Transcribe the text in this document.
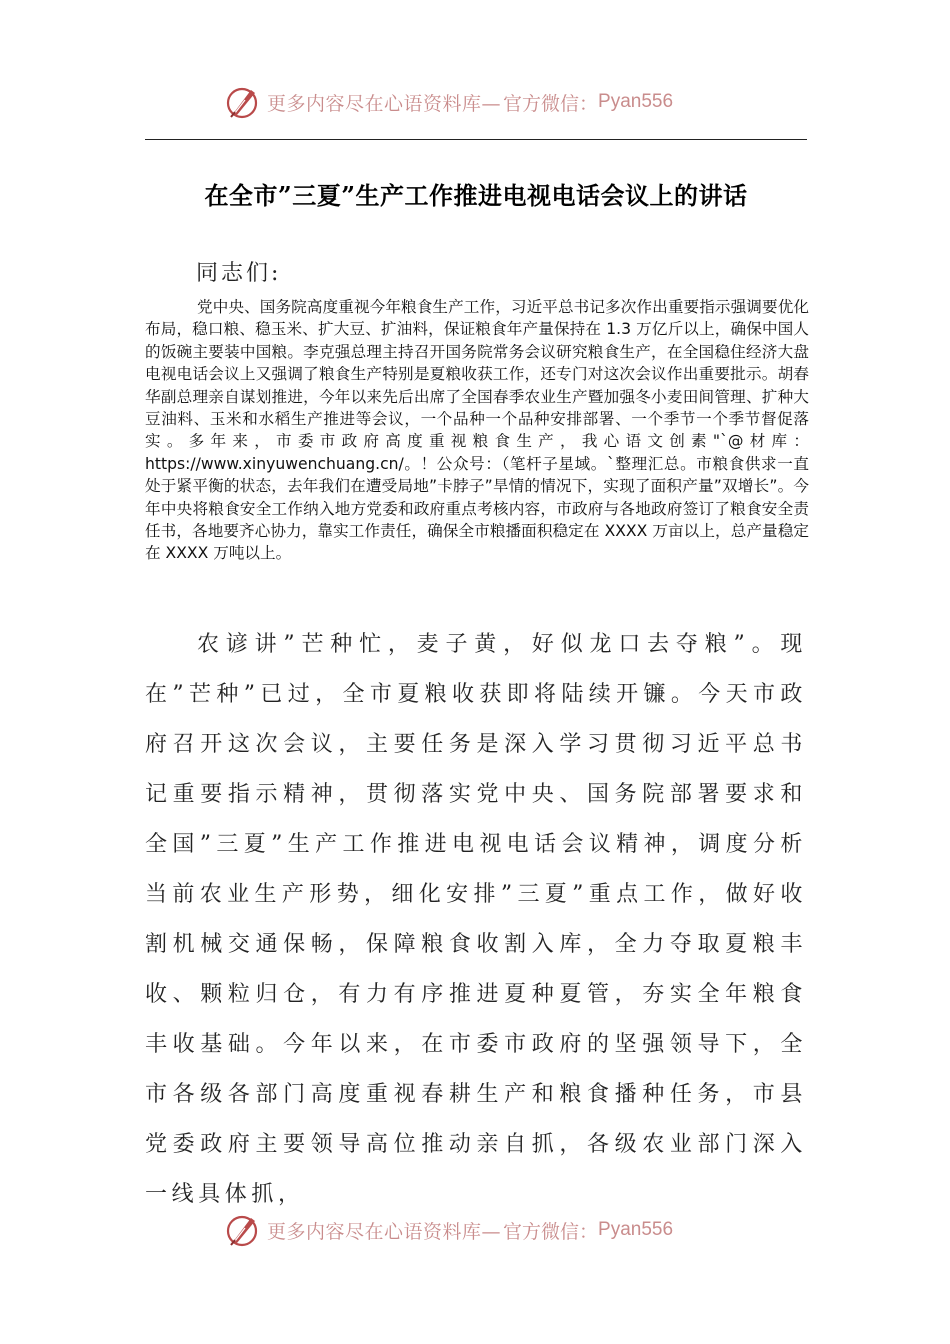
更多内容尽在心语资料库— 官方微信： Pyan556
在全市”三夏”生产工作推进电视电话会议上的讲话
同志们:

党中央、国务院高度重视今年粮食生产工作，习近平总书记多次作出重要指示强调要优化布局，稳口粮、稳玉米、扩大豆、扩油料，保证粮食年产量保持在 1.3 万亿斤以上，确保中国人的饭碗主要装中国粮。李克强总理主持召开国务院常务会议研究粮食生产，在全国稳住经济大盘电视电话会议上又强调了粮食生产特别是夏粮收获工作，还专门对这次会议作出重要批示。胡春华副总理亲自谋划推进，今年以来先后出席了全国春季农业生产暨加强冬小麦田间管理、扩种大豆油料、玉米和水稻生产推进等会议，一个品种一个品种安排部署、一个季节一个季节督促落实。多年来，市委市政府高度重视粮食生产，我心语文创素"`@材库：https://www.xinyuwenchuang.cn/。！公众号：（笔杆子星域。`整理汇总。市粮食供求一直处于紧平衡的状态，去年我们在遭受局地”卡脖子”旱情的情况下，实现了面积产量”双增长”。今年中央将粮食安全工作纳入地方党委和政府重点考核内容，市政府与各地政府签订了粮食安全责任书，各地要齐心协力，靠实工作责任，确保全市粮播面积稳定在 XXXX 万亩以上，总产量稳定在 XXXX 万吨以上。

农谚讲”芒种忙，麦子黄，好似龙口去夺粮”。现在”芒种”已过，全市夏粮收获即将陆续开镰。今天市政府召开这次会议，主要任务是深入学习贯彻习近平总书记重要指示精神，贯彻落实党中央、国务院部署要求和全国”三夏”生产工作推进电视电话会议精神，调度分析当前农业生产形势，细化安排”三夏”重点工作，做好收割机械交通保畅，保障粮食收割入库，全力夺取夏粮丰收、颗粒归仓，有力有序推进夏种夏管，夯实全年粮食丰收基础。今年以来，在市委市政府的坚强领导下，全市各级各部门高度重视春耕生产和粮食播种任务，市县党委政府主要领导高位推动亲自抓，各级农业部门深入一线具体抓，

更多内容尽在心语资料库— 官方微信： Pyan556
